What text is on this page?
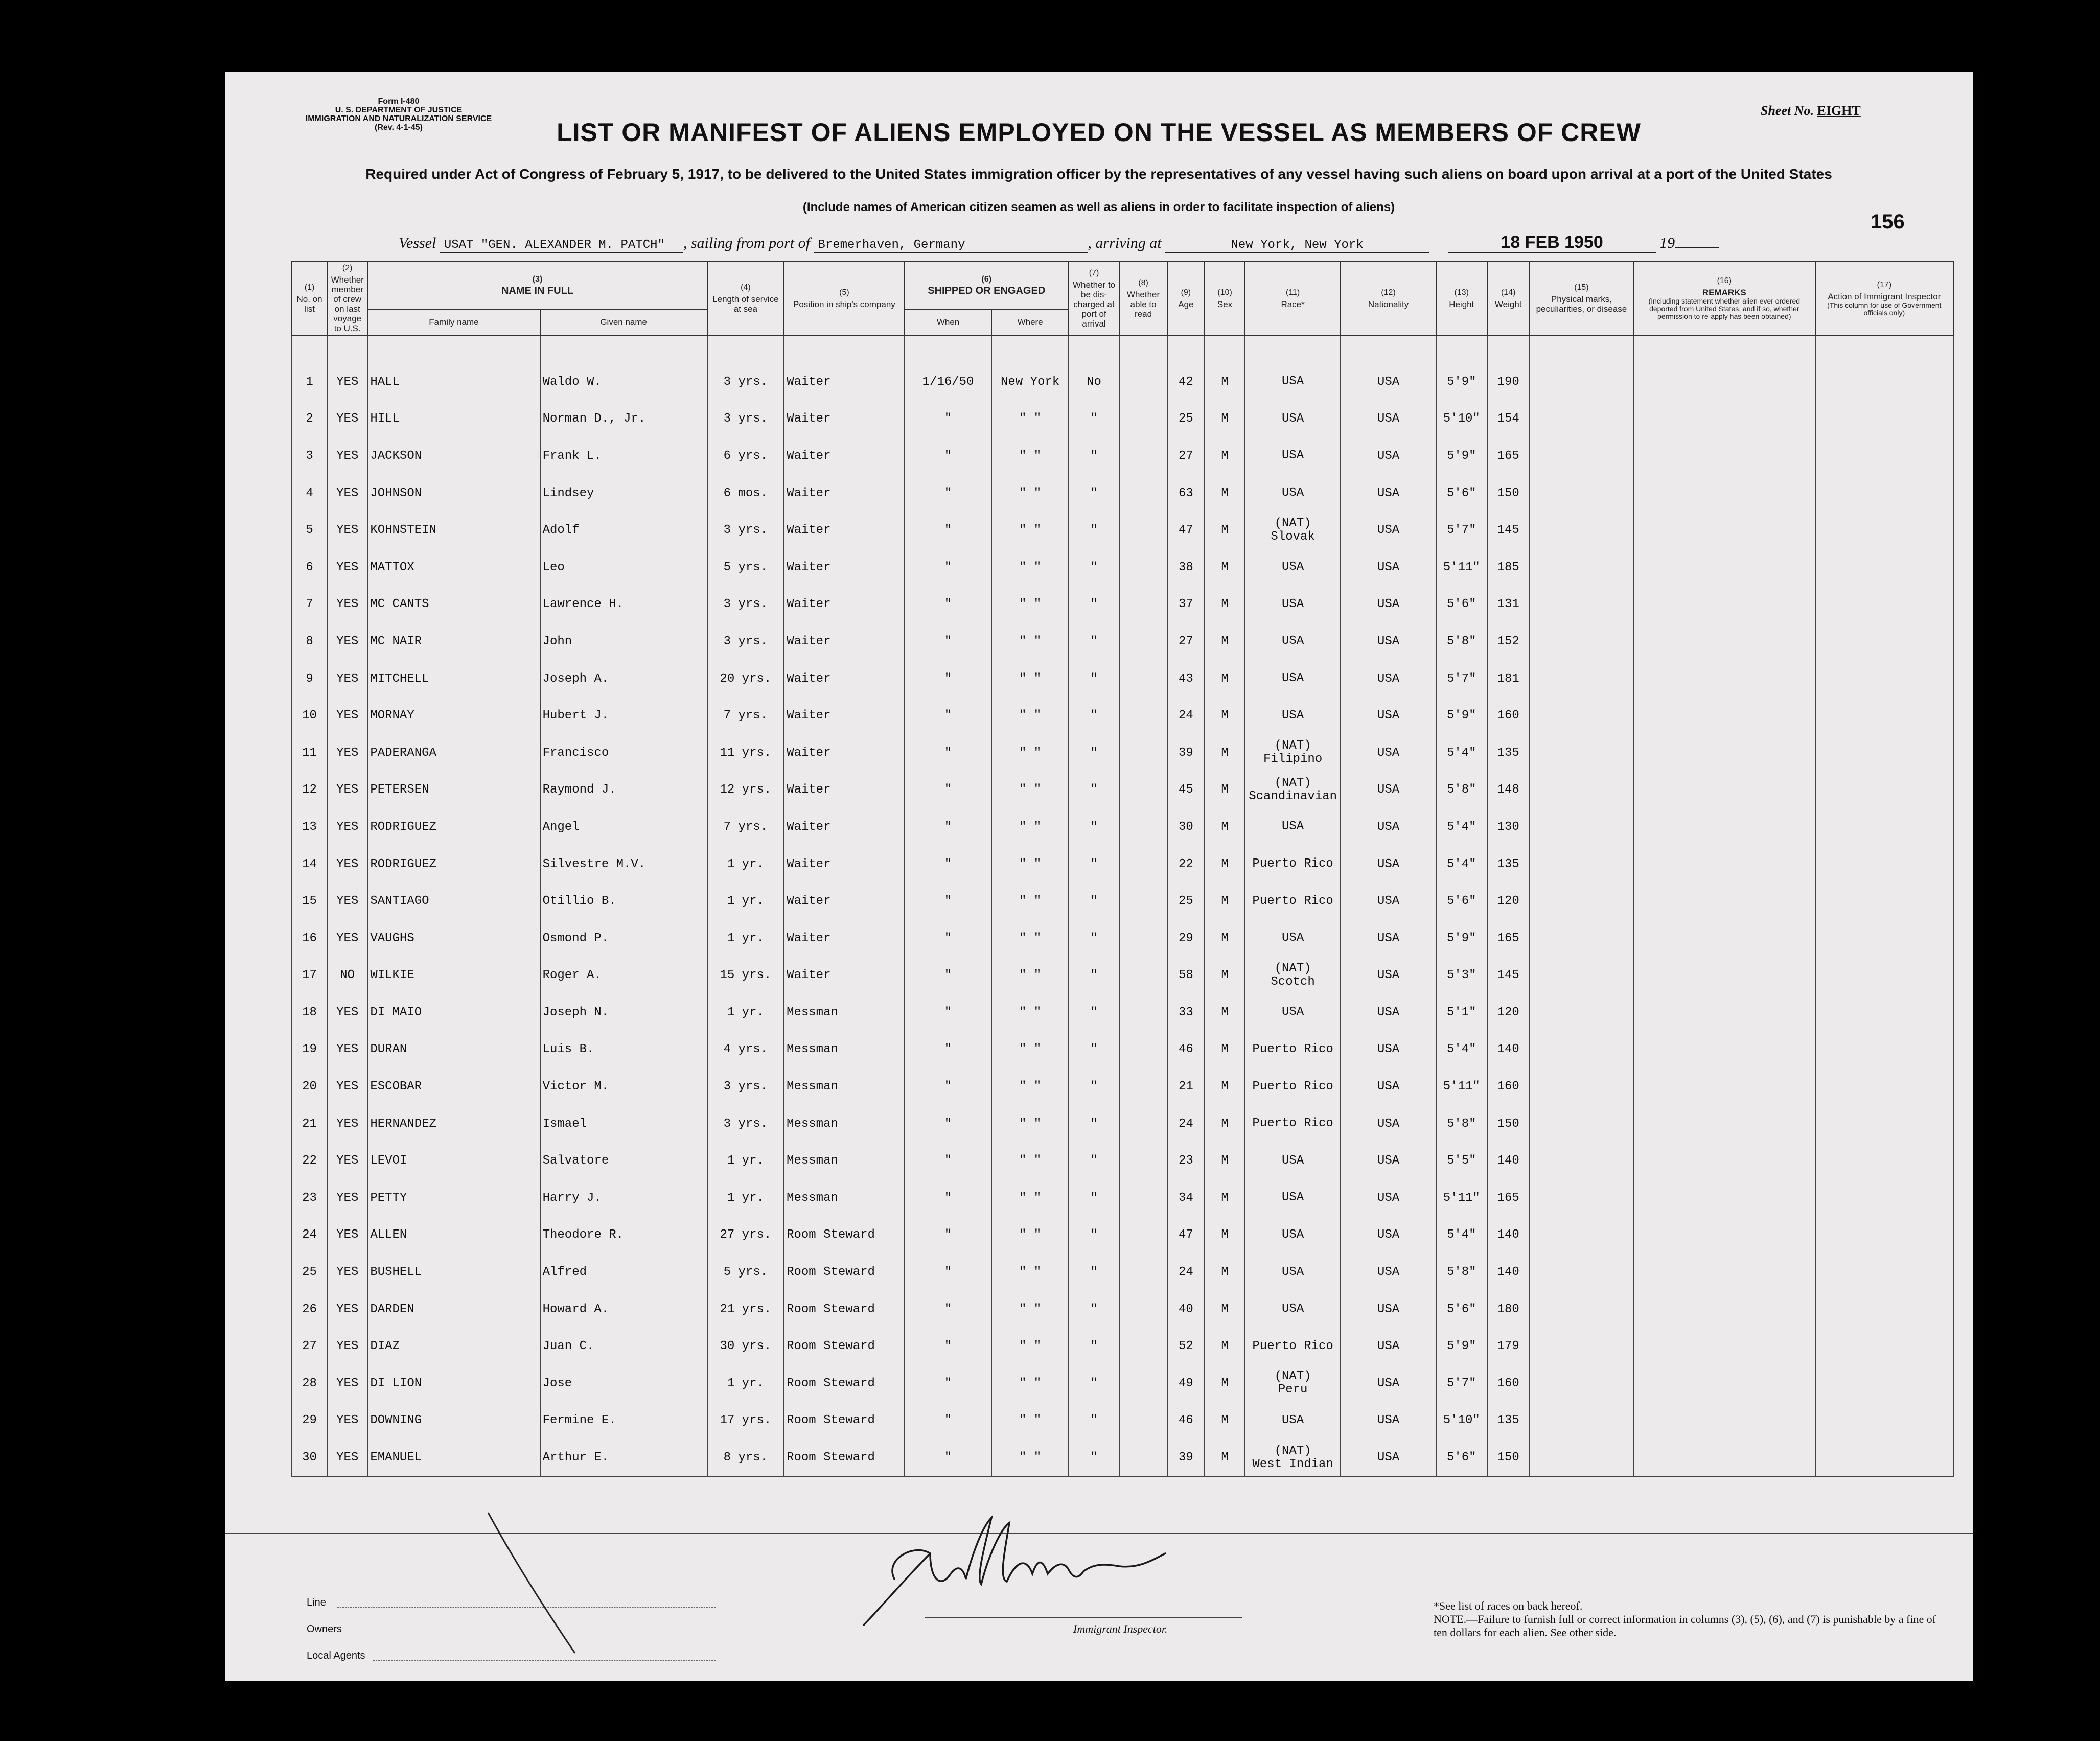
Form I-480
U. S. DEPARTMENT OF JUSTICE
IMMIGRATION AND NATURALIZATION SERVICE
(Rev. 4-1-45)
Sheet No. EIGHT
LIST OR MANIFEST OF ALIENS EMPLOYED ON THE VESSEL AS MEMBERS OF CREW
Required under Act of Congress of February 5, 1917, to be delivered to the United States immigration officer by the representatives of any vessel having such aliens on board upon arrival at a port of the United States
(Include names of American citizen seamen as well as aliens in order to facilitate inspection of aliens)
156
Vessel USAT "GEN. ALEXANDER M. PATCH" , sailing from port of Bremerhaven, Germany	, arriving at	New York, New York	18 FEB 1950	19
(1)
No. on list	(2)
Whether member of crew on last voyage to U.S.	(3)
NAME IN FULL		(4)
Length of service at sea	(5)
Position in ship's company	(6)
SHIPPED OR ENGAGED		(7)
Whether to be dis-charged at port of arrival	(8)
Whether able to read	(9)
Age	(10)
Sex	(11)
Race*	(12)
Nationality	(13)
Height	(14)
Weight	(15)
Physical marks, peculiarities, or disease	(16)
REMARKS

(Including statement whether alien ever ordered deported from United States, and if so, whether permission to re-apply has been obtained)	(17)
Action of Immigrant Inspector

(This column for use of Government officials only)

		Family name	Given name			When	Where											

1	YES	HALL	Waldo W.	3 yrs.	Waiter	1/16/50	New York	No		42	M	USA	USA	5'9"	190			
2	YES	HILL	Norman D., Jr.	3 yrs.	Waiter	"	" "	"		25	M	USA	USA	5'10"	154			
3	YES	JACKSON	Frank L.	6 yrs.	Waiter	"	" "	"		27	M	USA	USA	5'9"	165			
4	YES	JOHNSON	Lindsey	6 mos.	Waiter	"	" "	"		63	M	USA	USA	5'6"	150			
5	YES	KOHNSTEIN	Adolf	3 yrs.	Waiter	"	" "	"		47	M	(NAT)
Slovak	USA	5'7"	145			
6	YES	MATTOX	Leo	5 yrs.	Waiter	"	" "	"		38	M	USA	USA	5'11"	185			
7	YES	MC CANTS	Lawrence H.	3 yrs.	Waiter	"	" "	"		37	M	USA	USA	5'6"	131			
8	YES	MC NAIR	John	3 yrs.	Waiter	"	" "	"		27	M	USA	USA	5'8"	152			
9	YES	MITCHELL	Joseph A.	20 yrs.	Waiter	"	" "	"		43	M	USA	USA	5'7"	181			
10	YES	MORNAY	Hubert J.	7 yrs.	Waiter	"	" "	"		24	M	USA	USA	5'9"	160			
11	YES	PADERANGA	Francisco	11 yrs.	Waiter	"	" "	"		39	M	(NAT)
Filipino	USA	5'4"	135			
12	YES	PETERSEN	Raymond J.	12 yrs.	Waiter	"	" "	"		45	M	(NAT)
Scandinavian	USA	5'8"	148			
13	YES	RODRIGUEZ	Angel	7 yrs.	Waiter	"	" "	"		30	M	USA	USA	5'4"	130			
14	YES	RODRIGUEZ	Silvestre M.V.	1 yr.	Waiter	"	" "	"		22	M	Puerto Rico	USA	5'4"	135			
15	YES	SANTIAGO	Otillio B.	1 yr.	Waiter	"	" "	"		25	M	Puerto Rico	USA	5'6"	120			
16	YES	VAUGHS	Osmond P.	1 yr.	Waiter	"	" "	"		29	M	USA	USA	5'9"	165			
17	NO	WILKIE	Roger A.	15 yrs.	Waiter	"	" "	"		58	M	(NAT)
Scotch	USA	5'3"	145			
18	YES	DI MAIO	Joseph N.	1 yr.	Messman	"	" "	"		33	M	USA	USA	5'1"	120			
19	YES	DURAN	Luis B.	4 yrs.	Messman	"	" "	"		46	M	Puerto Rico	USA	5'4"	140			
20	YES	ESCOBAR	Victor M.	3 yrs.	Messman	"	" "	"		21	M	Puerto Rico	USA	5'11"	160			
21	YES	HERNANDEZ	Ismael	3 yrs.	Messman	"	" "	"		24	M	Puerto Rico	USA	5'8"	150			
22	YES	LEVOI	Salvatore	1 yr.	Messman	"	" "	"		23	M	USA	USA	5'5"	140			
23	YES	PETTY	Harry J.	1 yr.	Messman	"	" "	"		34	M	USA	USA	5'11"	165			
24	YES	ALLEN	Theodore R.	27 yrs.	Room Steward	"	" "	"		47	M	USA	USA	5'4"	140			
25	YES	BUSHELL	Alfred	5 yrs.	Room Steward	"	" "	"		24	M	USA	USA	5'8"	140			
26	YES	DARDEN	Howard A.	21 yrs.	Room Steward	"	" "	"		40	M	USA	USA	5'6"	180			
27	YES	DIAZ	Juan C.	30 yrs.	Room Steward	"	" "	"		52	M	Puerto Rico	USA	5'9"	179			
28	YES	DI LION	Jose	1 yr.	Room Steward	"	" "	"		49	M	(NAT)
Peru	USA	5'7"	160			
29	YES	DOWNING	Fermine E.	17 yrs.	Room Steward	"	" "	"		46	M	USA	USA	5'10"	135			
30	YES	EMANUEL	Arthur E.	8 yrs.	Room Steward	"	" "	"		39	M	(NAT)
West Indian	USA	5'6"	150			
Line
Owners
Local Agents
Immigrant Inspector.
*See list of races on back hereof.
NOTE.—Failure to furnish full or correct information in columns (3), (5), (6), and (7) is punishable by a fine of ten dollars for each alien. See other side.
